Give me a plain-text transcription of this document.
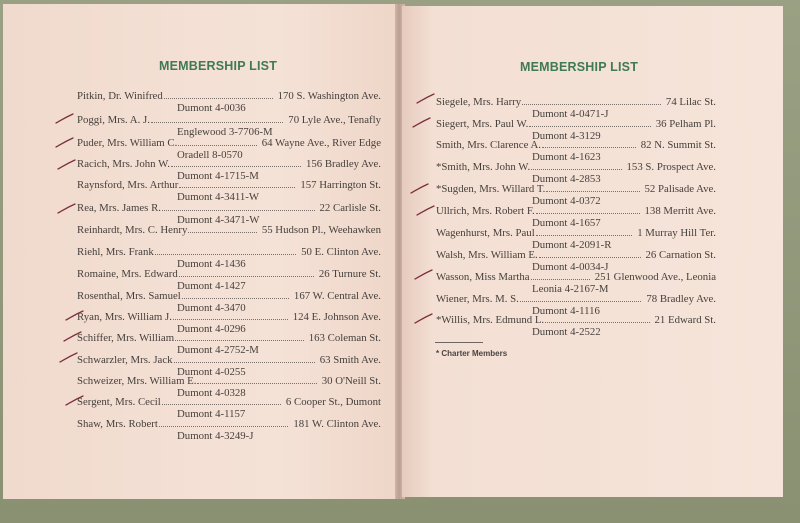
MEMBERSHIP LIST
Pitkin, Dr. Winifred	170 S. Washington Ave.
Dumont 4-0036
Poggi, Mrs. A. J.	70 Lyle Ave., Tenafly
Englewood 3-7706-M
Puder, Mrs. William C.	64 Wayne Ave., River Edge
Oradell 8-0570
Racich, Mrs. John W.	156 Bradley Ave.
Dumont 4-1715-M
Raynsford, Mrs. Arthur	157 Harrington St.
Dumont 4-3411-W
Rea, Mrs. James R.	22 Carlisle St.
Dumont 4-3471-W
Reinhardt, Mrs. C. Henry	55 Hudson Pl., Weehawken
Riehl, Mrs. Frank	50 E. Clinton Ave.
Dumont 4-1436
Romaine, Mrs. Edward	26 Turnure St.
Dumont 4-1427
Rosenthal, Mrs. Samuel	167 W. Central Ave.
Dumont 4-3470
Ryan, Mrs. William J.	124 E. Johnson Ave.
Dumont 4-0296
Schiffer, Mrs. William	163 Coleman St.
Dumont 4-2752-M
Schwarzler, Mrs. Jack	63 Smith Ave.
Dumont 4-0255
Schweizer, Mrs. William E.	30 O'Neill St.
Dumont 4-0328
Sergent, Mrs. Cecil	6 Cooper St., Dumont
Dumont 4-1157
Shaw, Mrs. Robert	181 W. Clinton Ave.
Dumont 4-3249-J
MEMBERSHIP LIST
Siegele, Mrs. Harry	74 Lilac St.
Dumont 4-0471-J
Siegert, Mrs. Paul W.	36 Pelham Pl.
Dumont 4-3129
Smith, Mrs. Clarence A.	82 N. Summit St.
Dumont 4-1623
*Smith, Mrs. John W.	153 S. Prospect Ave.
Dumont 4-2853
*Sugden, Mrs. Willard T.	52 Palisade Ave.
Dumont 4-0372
Ullrich, Mrs. Robert F.	138 Merritt Ave.
Dumont 4-1657
Wagenhurst, Mrs. Paul	1 Murray Hill Ter.
Dumont 4-2091-R
Walsh, Mrs. William E.	26 Carnation St.
Dumont 4-0034-J
Wasson, Miss Martha	251 Glenwood Ave., Leonia
Leonia 4-2167-M
Wiener, Mrs. M. S.	78 Bradley Ave.
Dumont 4-1116
*Willis, Mrs. Edmund L.	21 Edward St.
Dumont 4-2522
* Charter Members
